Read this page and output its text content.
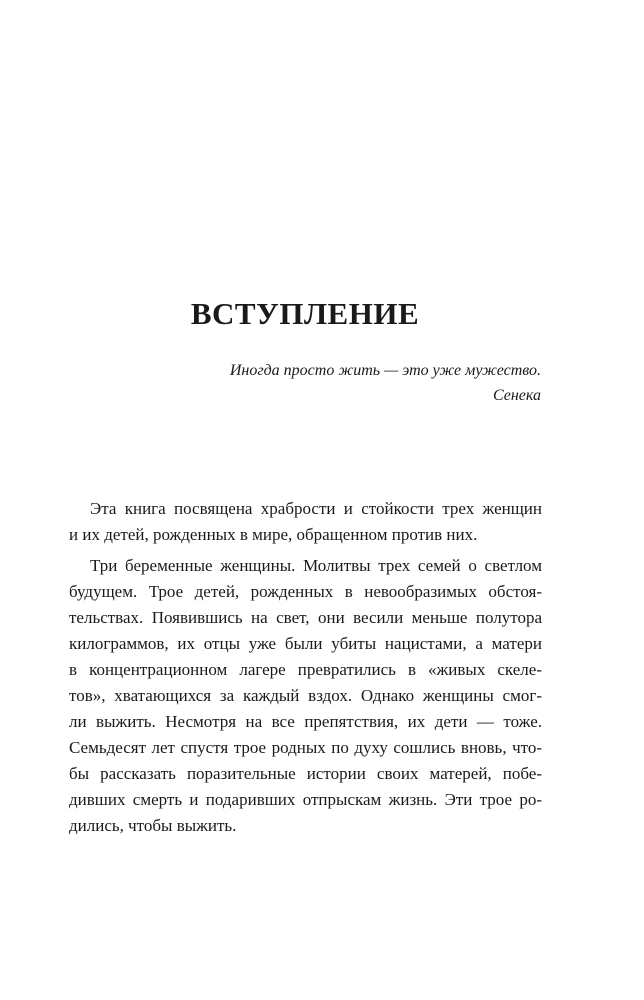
ВСТУПЛЕНИЕ
Иногда просто жить — это уже мужество.
Сенека

Эта книга посвящена храбрости и стойкости трех женщин
и их детей, рожденных в мире, обращенном против них.

Три беременные женщины. Молитвы трех семей о светлом
будущем. Трое детей, рожденных в невообразимых обстоя-
тельствах. Появившись на свет, они весили меньше полутора
килограммов, их отцы уже были убиты нацистами, а матери
в концентрационном лагере превратились в «живых скеле-
тов», хватающихся за каждый вздох. Однако женщины смог-
ли выжить. Несмотря на все препятствия, их дети — тоже.
Семьдесят лет спустя трое родных по духу сошлись вновь, что-
бы рассказать поразительные истории своих матерей, побе-
дивших смерть и подаривших отпрыскам жизнь. Эти трое ро-
дились, чтобы выжить.
